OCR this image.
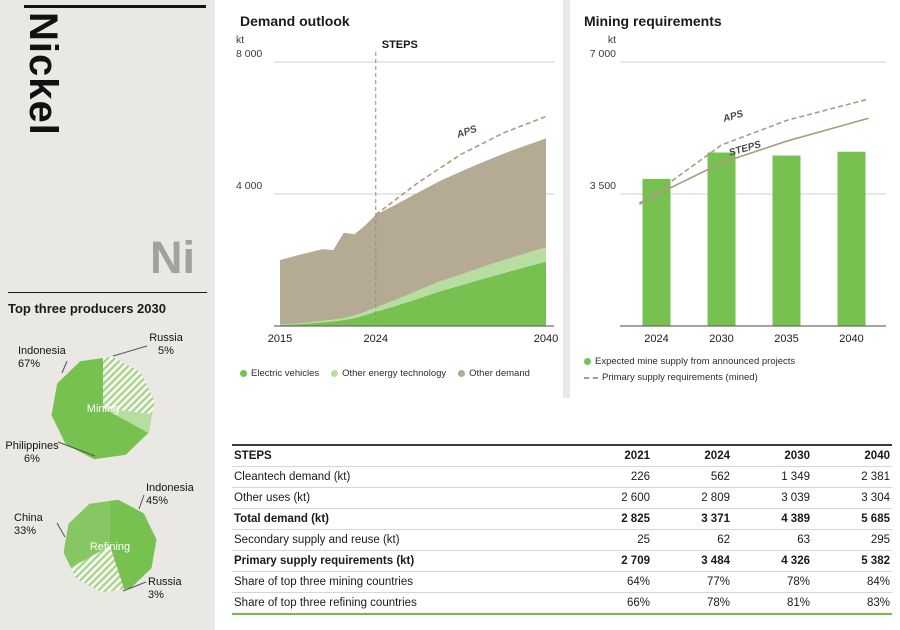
Nickel
Ni
Top three producers 2030
Mining
Russia
5%
Indonesia
67%
Philippines
6%
Refining
Indonesia
45%
China
33%
Russia
3%
Demand outlook
4 000
8 000
kt	STEPS
APS
2015	2024	2040
Electric vehicles Other energy technology Other demand
Mining requirements
3 500
7 000
kt
APS
STEPS
2024	2030	2035	2040
Expected mine supply from announced projects
Primary supply requirements (mined)
STEPS	2021	2024	2030	2040
Cleantech demand (kt)	226	562	1 349	2 381
Other uses (kt)	2 600	2 809	3 039	3 304
Total demand (kt)	2 825	3 371	4 389	5 685
Secondary supply and reuse (kt)	25	62	63	295
Primary supply requirements (kt)	2 709	3 484	4 326	5 382
Share of top three mining countries	64%	77%	78%	84%
Share of top three refining countries	66%	78%	81%	83%
